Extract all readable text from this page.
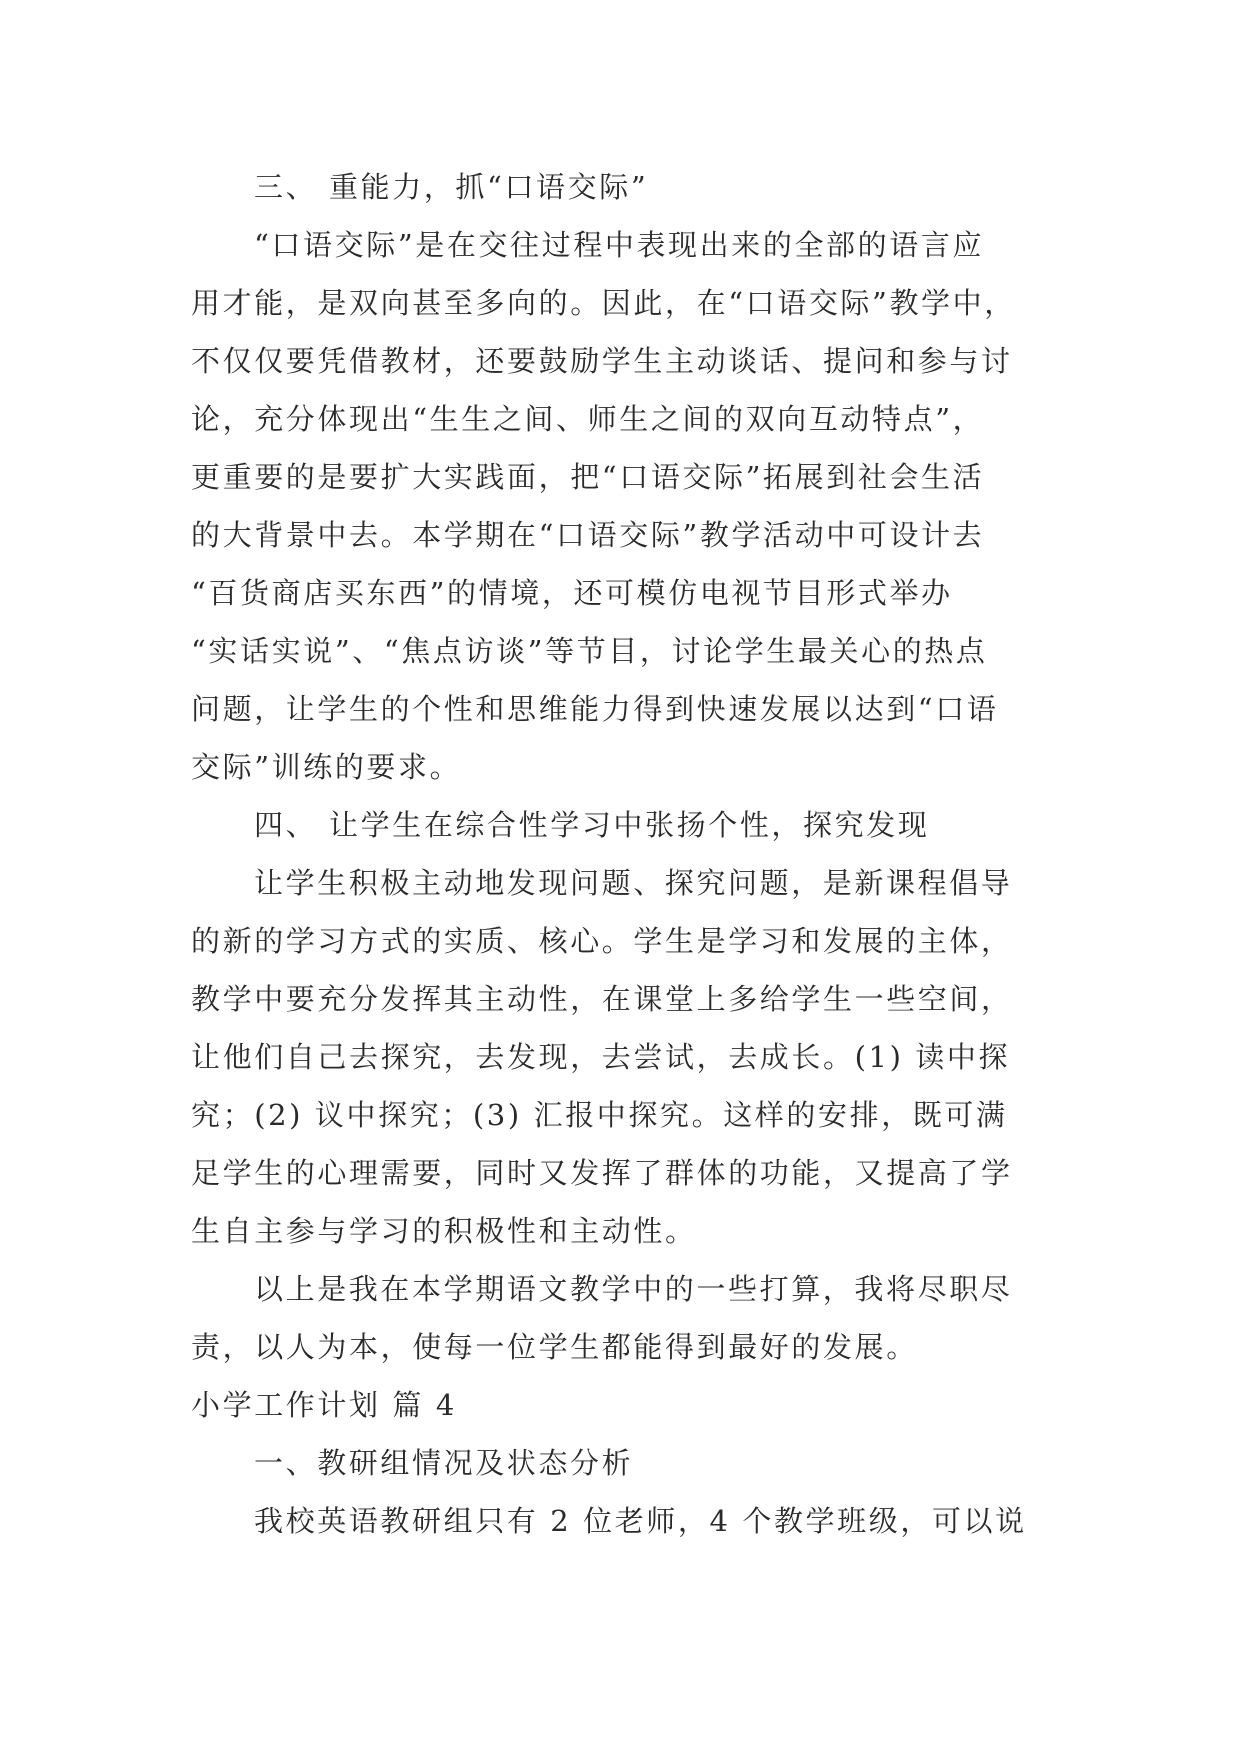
三、 重能力，抓“口语交际”
“口语交际”是在交往过程中表现出来的全部的语言应
用才能，是双向甚至多向的。因此，在“口语交际”教学中，
不仅仅要凭借教材，还要鼓励学生主动谈话、提问和参与讨
论，充分体现出“生生之间、师生之间的双向互动特点”，
更重要的是要扩大实践面，把“口语交际”拓展到社会生活
的大背景中去。本学期在“口语交际”教学活动中可设计去
“百货商店买东西”的情境，还可模仿电视节目形式举办
“实话实说”、“焦点访谈”等节目，讨论学生最关心的热点
问题，让学生的个性和思维能力得到快速发展以达到“口语
交际”训练的要求。
四、 让学生在综合性学习中张扬个性，探究发现
让学生积极主动地发现问题、探究问题，是新课程倡导
的新的学习方式的实质、核心。学生是学习和发展的主体，
教学中要充分发挥其主动性，在课堂上多给学生一些空间，
让他们自己去探究，去发现，去尝试，去成长。(1) 读中探
究；(2) 议中探究；(3) 汇报中探究。这样的安排，既可满
足学生的心理需要，同时又发挥了群体的功能，又提高了学
生自主参与学习的积极性和主动性。
以上是我在本学期语文教学中的一些打算，我将尽职尽
责，以人为本，使每一位学生都能得到最好的发展。
小学工作计划 篇 4
一、教研组情况及状态分析
我校英语教研组只有 2 位老师，4 个教学班级，可以说
